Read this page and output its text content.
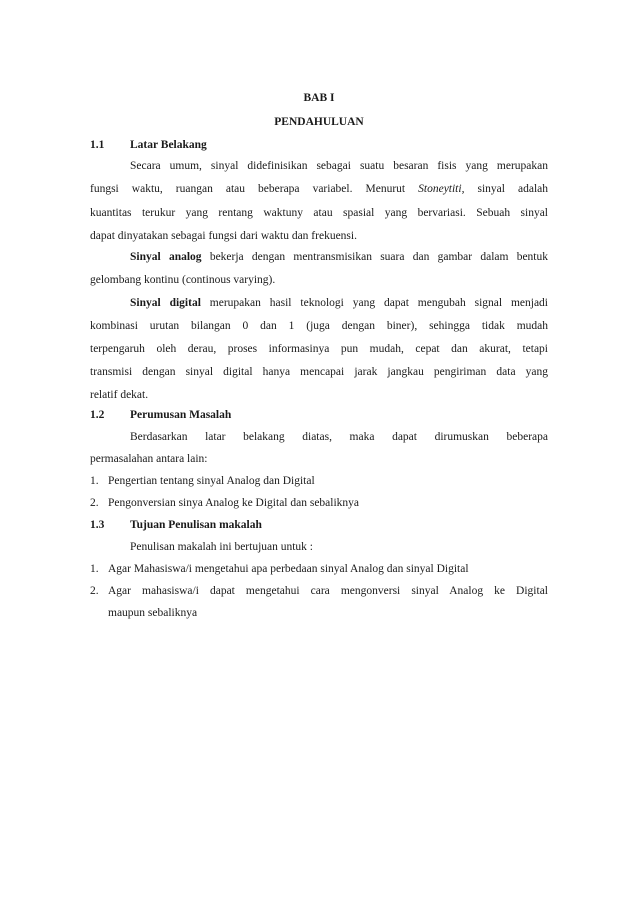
BAB I
PENDAHULUAN
1.1 Latar Belakang
Secara umum, sinyal didefinisikan sebagai suatu besaran fisis yang merupakan
fungsi waktu, ruangan atau beberapa variabel. Menurut Stoneytiti, sinyal adalah
kuantitas terukur yang rentang waktuny atau spasial yang bervariasi. Sebuah sinyal
dapat dinyatakan sebagai fungsi dari waktu dan frekuensi.
Sinyal analog bekerja dengan mentransmisikan suara dan gambar dalam bentuk
gelombang kontinu (continous varying).
Sinyal digital merupakan hasil teknologi yang dapat mengubah signal menjadi
kombinasi urutan bilangan 0 dan 1 (juga dengan biner), sehingga tidak mudah
terpengaruh oleh derau, proses informasinya pun mudah, cepat dan akurat, tetapi
transmisi dengan sinyal digital hanya mencapai jarak jangkau pengiriman data yang
relatif dekat.
1.2 Perumusan Masalah
Berdasarkan latar belakang diatas, maka dapat dirumuskan beberapa
permasalahan antara lain:
1. Pengertian tentang sinyal Analog dan Digital
2. Pengonversian sinya Analog ke Digital dan sebaliknya
1.3 Tujuan Penulisan makalah
Penulisan makalah ini bertujuan untuk :
1. Agar Mahasiswa/i mengetahui apa perbedaan sinyal Analog dan sinyal Digital
2. Agar mahasiswa/i dapat mengetahui cara mengonversi sinyal Analog ke Digital
maupun sebaliknya
